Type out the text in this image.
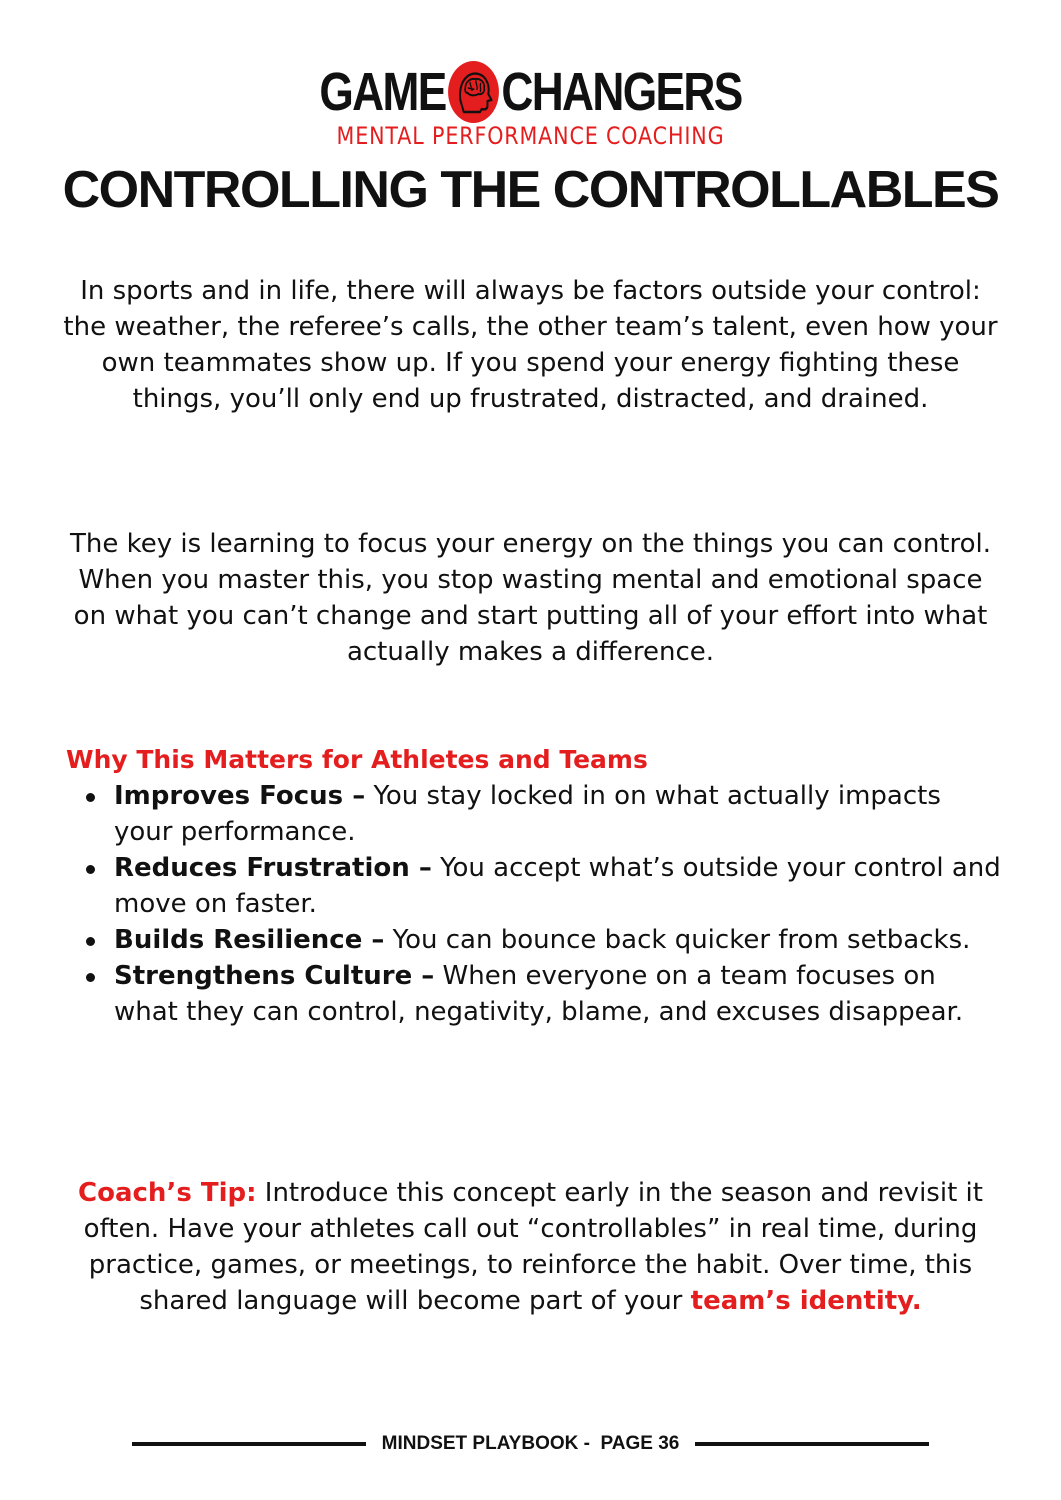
GAME CHANGERS
MENTAL PERFORMANCE COACHING
CONTROLLING THE CONTROLLABLES

In sports and in life, there will always be factors outside your control: the weather, the referee’s calls, the other team’s talent, even how your own teammates show up. If you spend your energy fighting these things, you’ll only end up frustrated, distracted, and drained.

The key is learning to focus your energy on the things you can control. When you master this, you stop wasting mental and emotional space on what you can’t change and start putting all of your effort into what actually makes a difference.

Why This Matters for Athletes and Teams
Improves Focus – You stay locked in on what actually impacts your performance.
Reduces Frustration – You accept what’s outside your control and move on faster.
Builds Resilience – You can bounce back quicker from setbacks.
Strengthens Culture – When everyone on a team focuses on what they can control, negativity, blame, and excuses disappear.

Coach’s Tip: Introduce this concept early in the season and revisit it often. Have your athletes call out “controllables” in real time, during practice, games, or meetings, to reinforce the habit. Over time, this shared language will become part of your team’s identity.

MINDSET PLAYBOOK -  PAGE 36
